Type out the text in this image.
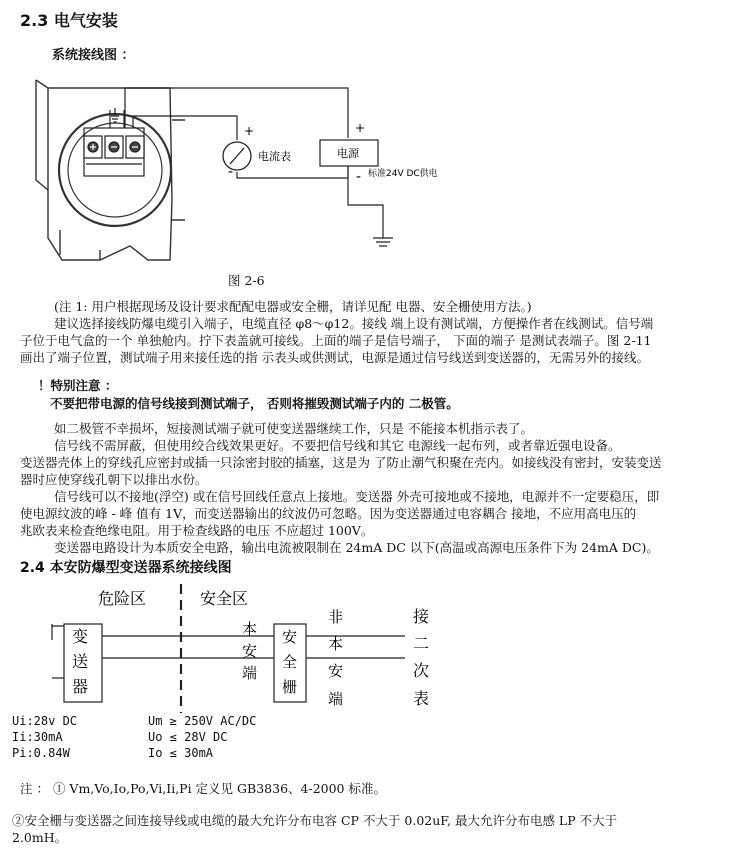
2.3 电气安装
系统接线图 ：
+
-
+
-
电流表	电源
标准24V DC供电
图 2-6
(注 1: 用户根据现场及设计要求配配电器或安全栅，请详见配 电器、安全栅使用方法。)
建议选择接线防爆电缆引入端子，电缆直径 φ8～φ12。接线 端上设有测试端，方便操作者在线测试。信号端
子位于电气盒的一个 单独舱内。拧下表盖就可接线。上面的端子是信号端子， 下面的端子 是测试表端子。图 2-11
画出了端子位置，测试端子用来接任选的指 示表头或供测试，电源是通过信号线送到变送器的，无需另外的接线。
！特别注意 ：
不要把带电源的信号线接到测试端子， 否则将摧毁测试端子内的 二极管。
如二极管不幸损坏，短接测试端子就可使变送器继续工作，只是 不能接本机指示表了。
信号线不需屏蔽，但使用绞合线效果更好。不要把信号线和其它 电源线一起布列，或者靠近强电设备。
变送器壳体上的穿线孔应密封或插一只涂密封胶的插塞，这是为 了防止潮气积聚在壳内。如接线没有密封，安装变送
器时应使穿线孔朝下以排出水份。
信号线可以不接地(浮空) 或在信号回线任意点上接地。变送器 外壳可接地或不接地，电源并不一定要稳压，即
使电源纹波的峰 - 峰 值有 1V，而变送器输出的纹波仍可忽略。因为变送器通过电容耦合 接地，不应用高电压的
兆欧表来检查绝缘电阻。用于检查线路的电压 不应超过 100V。
变送器电路设计为本质安全电路，输出电流被限制在 24mA DC 以下(高温或高源电压条件下为 24mA DC)。
2.4 本安防爆型变送器系统接线图
危险区	安全区
变
送
器
本
安
端
安
全
栅
非
本
安
端
接
二
次
表
Ui:28v DC
Ii:30mA
Pi:0.84W
Um ≥ 250V AC/DC
Uo ≤ 28V DC
Io ≤ 30mA
注 ： ① Vm,Vo,Io,Po,Vi,Ii,Pi 定义见 GB3836、4-2000 标准。
②安全栅与变送器之间连接导线或电缆的最大允许分布电容 CP 不大于 0.02uF, 最大允许分布电感 LP 不大于
2.0mH。
